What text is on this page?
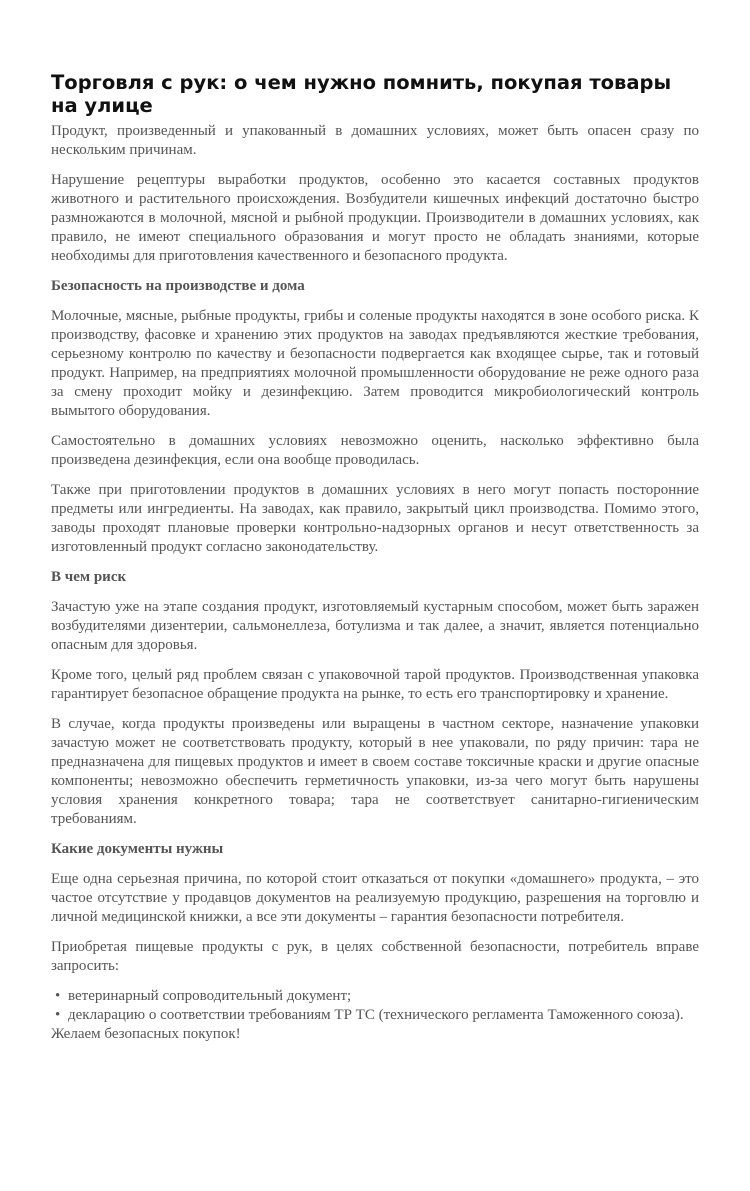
Торговля с рук: о чем нужно помнить, покупая товары на улице

Продукт, произведенный и упакованный в домашних условиях, может быть опасен сразу по нескольким причинам.

Нарушение рецептуры выработки продуктов, особенно это касается составных продуктов животного и растительного происхождения. Возбудители кишечных инфекций достаточно быстро размножаются в молочной, мясной и рыбной продукции. Производители в домашних условиях, как правило, не имеют специального образования и могут просто не обладать знаниями, которые необходимы для приготовления качественного и безопасного продукта.

Безопасность на производстве и дома

Молочные, мясные, рыбные продукты, грибы и соленые продукты находятся в зоне особого риска. К производству, фасовке и хранению этих продуктов на заводах предъявляются жесткие требования, серьезному контролю по качеству и безопасности подвергается как входящее сырье, так и готовый продукт. Например, на предприятиях молочной промышленности оборудование не реже одного раза за смену проходит мойку и дезинфекцию. Затем проводится микробиологический контроль вымытого оборудования.

Самостоятельно в домашних условиях невозможно оценить, насколько эффективно была произведена дезинфекция, если она вообще проводилась.

Также при приготовлении продуктов в домашних условиях в него могут попасть посторонние предметы или ингредиенты. На заводах, как правило, закрытый цикл производства. Помимо этого, заводы проходят плановые проверки контрольно-надзорных органов и несут ответственность за изготовленный продукт согласно законодательству.

В чем риск

Зачастую уже на этапе создания продукт, изготовляемый кустарным способом, может быть заражен возбудителями дизентерии, сальмонеллеза, ботулизма и так далее, а значит, является потенциально опасным для здоровья.

Кроме того, целый ряд проблем связан с упаковочной тарой продуктов. Производственная упаковка гарантирует безопасное обращение продукта на рынке, то есть его транспортировку и хранение.

В случае, когда продукты произведены или выращены в частном секторе, назначение упаковки зачастую может не соответствовать продукту, который в нее упаковали, по ряду причин: тара не предназначена для пищевых продуктов и имеет в своем составе токсичные краски и другие опасные компоненты; невозможно обеспечить герметичность упаковки, из-за чего могут быть нарушены условия хранения конкретного товара; тара не соответствует санитарно-гигиеническим требованиям.

Какие документы нужны

Еще одна серьезная причина, по которой стоит отказаться от покупки «домашнего» продукта, – это частое отсутствие у продавцов документов на реализуемую продукцию, разрешения на торговлю и личной медицинской книжки, а все эти документы – гарантия безопасности потребителя.

Приобретая пищевые продукты с рук, в целях собственной безопасности, потребитель вправе запросить:

• ветеринарный сопроводительный документ;
• декларацию о соответствии требованиям ТР ТС (технического регламента Таможенного союза).

Желаем безопасных покупок!
